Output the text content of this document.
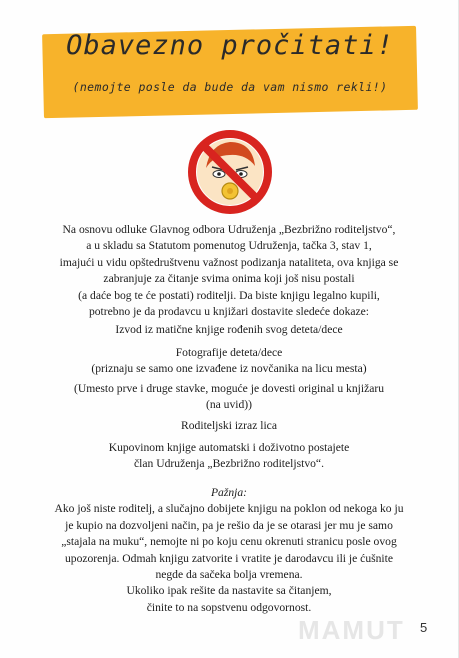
Obavezno pročitati!
(nemojte posle da bude da vam nismo rekli!)

Na osnovu odluke Glavnog odbora Udruženja „Bezbrižno roditeljstvo“,

a u skladu sa Statutom pomenutog Udruženja, tačka 3, stav 1,

imajući u vidu opštedruštvenu važnost podizanja nataliteta, ova knjiga se

zabranjuje za čitanje svima onima koji još nisu postali

(a daće bog te će postati) roditelji. Da biste knjigu legalno kupili,

potrebno je da prodavcu u knjižari dostavite sledeće dokaze:

Izvod iz matične knjige rođenih svog deteta/dece

Fotografije deteta/dece

(priznaju se samo one izvađene iz novčanika na licu mesta)

(Umesto prve i druge stavke, moguće je dovesti original u knjižaru

(na uvid))

Roditeljski izraz lica

Kupovinom knjige automatski i doživotno postajete

član Udruženja „Bezbrižno roditeljstvo“.

Pažnja:

Ako još niste roditelj, a slučajno dobijete knjigu na poklon od nekoga ko ju

je kupio na dozvoljeni način, pa je rešio da je se otarasi jer mu je samo

„stajala na muku“, nemojte ni po koju cenu okrenuti stranicu posle ovog

upozorenja. Odmah knjigu zatvorite i vratite je darodavcu ili je ćušnite

negde da sačeka bolja vremena.

Ukoliko ipak rešite da nastavite sa čitanjem,

činite to na sopstvenu odgovornost.

MAMUT	5
